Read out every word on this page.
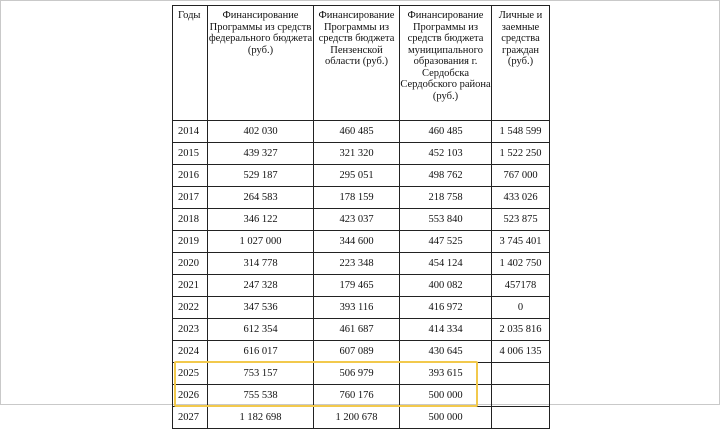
Годы	Финансирование Программы из средств федерального бюджета (руб.)	Финансирование Программы из средств бюджета Пензенской области (руб.)	Финансирование Программы из средств бюджета муниципального образования г. Сердобска Сердобского района (руб.)	Личные и заемные средства граждан (руб.)
2014	402 030	460 485	460 485	1 548 599
2015	439 327	321 320	452 103	1 522 250
2016	529 187	295 051	498 762	767 000
2017	264 583	178 159	218 758	433 026
2018	346 122	423 037	553 840	523 875
2019	1 027 000	344 600	447 525	3 745 401
2020	314 778	223 348	454 124	1 402 750
2021	247 328	179 465	400 082	457178
2022	347 536	393 116	416 972	0
2023	612 354	461 687	414 334	2 035 816
2024	616 017	607 089	430 645	4 006 135
2025	753 157	506 979	393 615	
2026	755 538	760 176	500 000	
2027	1 182 698	1 200 678	500 000	
